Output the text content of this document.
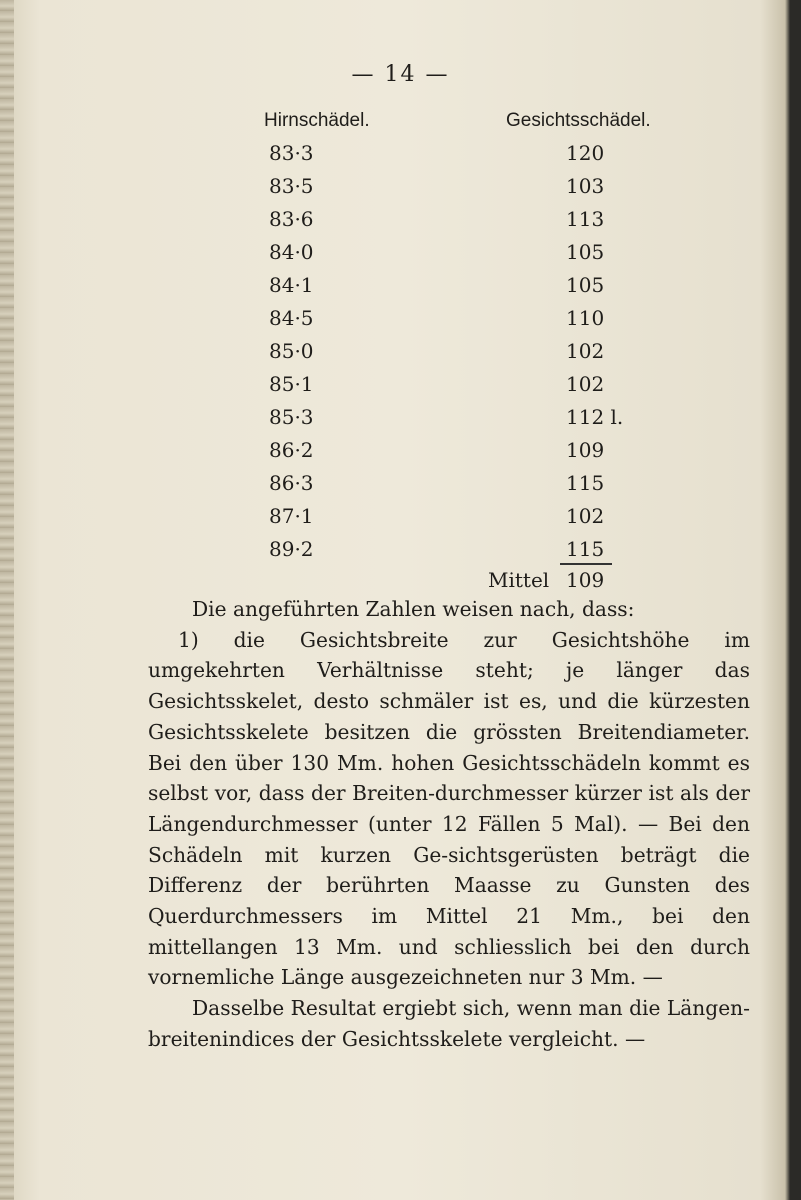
— 14 —
Hirnschädel.	Gesichtsschädel.
83·3	120
83·5	103
83·6	113
84·0	105
84·1	105
84·5	110
85·0	102
85·1	102
85·3	112 l.
86·2	109
86·3	115
87·1	102
89·2	115
Mittel 109

Die angeführten Zahlen weisen nach, dass:

1) die Gesichtsbreite zur Gesichtshöhe im umgekehrten Verhältnisse steht; je länger das Gesichtsskelet, desto schmäler ist es, und die kürzesten Gesichtsskelete besitzen die grössten Breitendiameter. Bei den über 130 Mm. hohen Gesichtsschädeln kommt es selbst vor, dass der Breiten-durchmesser kürzer ist als der Längendurchmesser (unter 12 Fällen 5 Mal). — Bei den Schädeln mit kurzen Ge-sichtsgerüsten beträgt die Differenz der berührten Maasse zu Gunsten des Querdurchmessers im Mittel 21 Mm., bei den mittellangen 13 Mm. und schliesslich bei den durch vornemliche Länge ausgezeichneten nur 3 Mm. —

Dasselbe Resultat ergiebt sich, wenn man die Längen-breitenindices der Gesichtsskelete vergleicht. —
